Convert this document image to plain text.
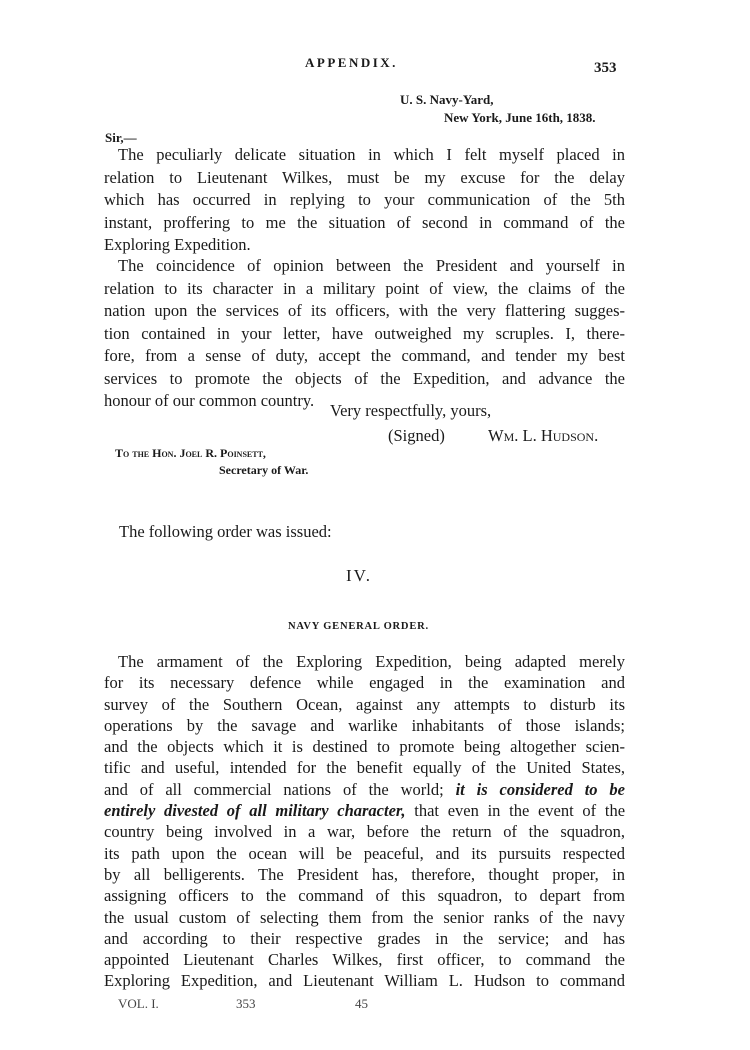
APPENDIX.	353
U. S. Navy-Yard,
New York, June 16th, 1838.
Sir,—
The peculiarly delicate situation in which I felt myself placed in
relation to Lieutenant Wilkes, must be my excuse for the delay
which has occurred in replying to your communication of the 5th
instant, proffering to me the situation of second in command of the
Exploring Expedition.
The coincidence of opinion between the President and yourself in
relation to its character in a military point of view, the claims of the
nation upon the services of its officers, with the very flattering sugges-
tion contained in your letter, have outweighed my scruples. I, there-
fore, from a sense of duty, accept the command, and tender my best
services to promote the objects of the Expedition, and advance the
honour of our common country.
Very respectfully, yours,
(Signed)	Wm. L. Hudson.
To the Hon. Joel R. Poinsett,
Secretary of War.
The following order was issued:
IV.
NAVY GENERAL ORDER.
The armament of the Exploring Expedition, being adapted merely
for its necessary defence while engaged in the examination and
survey of the Southern Ocean, against any attempts to disturb its
operations by the savage and warlike inhabitants of those islands;
and the objects which it is destined to promote being altogether scien-
tific and useful, intended for the benefit equally of the United States,
and of all commercial nations of the world; it is considered to be
entirely divested of all military character, that even in the event of the
country being involved in a war, before the return of the squadron,
its path upon the ocean will be peaceful, and its pursuits respected
by all belligerents. The President has, therefore, thought proper, in
assigning officers to the command of this squadron, to depart from
the usual custom of selecting them from the senior ranks of the navy
and according to their respective grades in the service; and has
appointed Lieutenant Charles Wilkes, first officer, to command the
Exploring Expedition, and Lieutenant William L. Hudson to command
VOL. I.	353	45
